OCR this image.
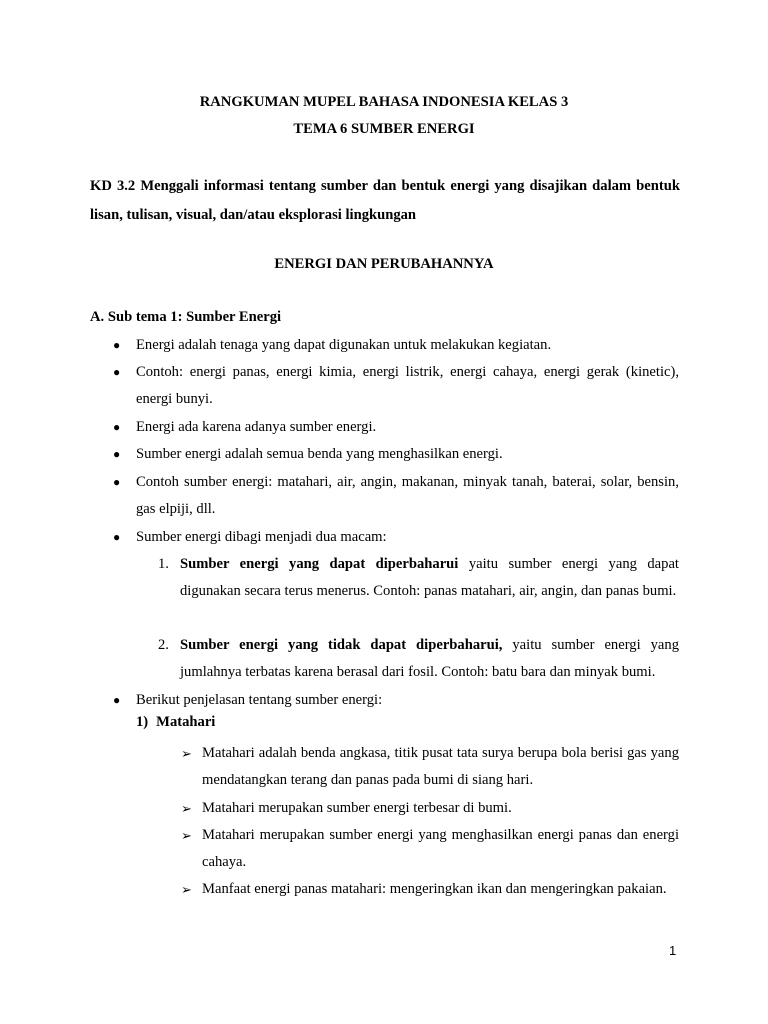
RANGKUMAN MUPEL BAHASA INDONESIA KELAS 3
TEMA 6 SUMBER ENERGI
KD 3.2 Menggali informasi tentang sumber dan bentuk energi yang disajikan dalam bentuk lisan, tulisan, visual, dan/atau eksplorasi lingkungan
ENERGI DAN PERUBAHANNYA
A. Sub tema 1: Sumber Energi
● Energi adalah tenaga yang dapat digunakan untuk melakukan kegiatan.
● Contoh: energi panas, energi kimia, energi listrik, energi cahaya, energi gerak (kinetic), energi bunyi.
● Energi ada karena adanya sumber energi.
● Sumber energi adalah semua benda yang menghasilkan energi.
● Contoh sumber energi: matahari, air, angin, makanan, minyak tanah, baterai, solar, bensin, gas elpiji, dll.
● Sumber energi dibagi menjadi dua macam:
1. Sumber energi yang dapat diperbaharui yaitu sumber energi yang dapat digunakan secara terus menerus. Contoh: panas matahari, air, angin, dan panas bumi.
2. Sumber energi yang tidak dapat diperbaharui, yaitu sumber energi yang jumlahnya terbatas karena berasal dari fosil. Contoh: batu bara dan minyak bumi.
● Berikut penjelasan tentang sumber energi:
1) Matahari
➢ Matahari adalah benda angkasa, titik pusat tata surya berupa bola berisi gas yang mendatangkan terang dan panas pada bumi di siang hari.
➢ Matahari merupakan sumber energi terbesar di bumi.
➢ Matahari merupakan sumber energi yang menghasilkan energi panas dan energi cahaya.
➢ Manfaat energi panas matahari: mengeringkan ikan dan mengeringkan pakaian.
1
